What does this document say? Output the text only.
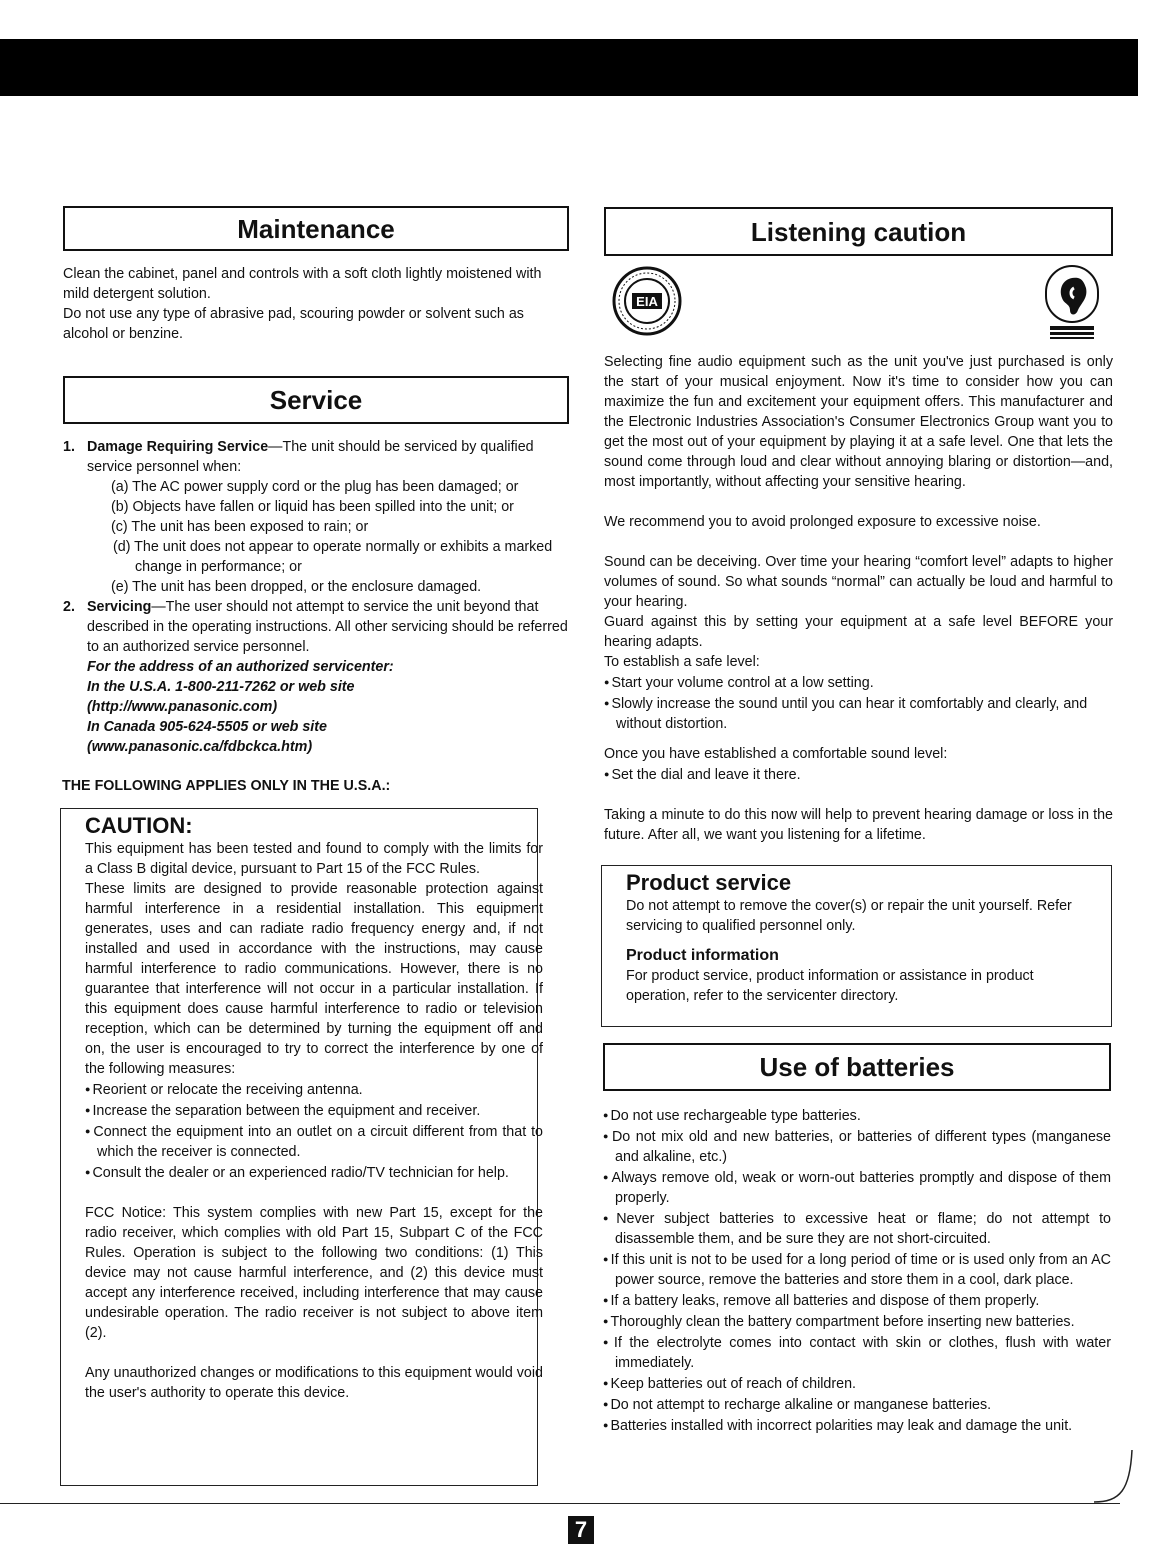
Maintenance

Clean the cabinet, panel and controls with a soft cloth lightly moistened with mild detergent solution.

Do not use any type of abrasive pad, scouring powder or solvent such as alcohol or benzine.

Service
1. Damage Requiring Service—The unit should be serviced by qualified service personnel when:

(a) The AC power supply cord or the plug has been damaged; or

(b) Objects have fallen or liquid has been spilled into the unit; or

(c) The unit has been exposed to rain; or

(d) The unit does not appear to operate normally or exhibits a marked change in performance; or

(e) The unit has been dropped, or the enclosure damaged.

2. Servicing—The user should not attempt to service the unit beyond that described in the operating instructions. All other servicing should be referred to an authorized service personnel.

For the address of an authorized servicenter:

In the U.S.A. 1-800-211-7262 or web site

(http://www.panasonic.com)

In Canada 905-624-5505 or web site

(www.panasonic.ca/fdbckca.htm)

THE FOLLOWING APPLIES ONLY IN THE U.S.A.:

CAUTION:

This equipment has been tested and found to comply with the limits for a Class B digital device, pursuant to Part 15 of the FCC Rules.

These limits are designed to provide reasonable protection against harmful interference in a residential installation. This equipment generates, uses and can radiate radio frequency energy and, if not installed and used in accordance with the instructions, may cause harmful interference to radio communications. However, there is no guarantee that interference will not occur in a particular installation. If this equipment does cause harmful interference to radio or television reception, which can be determined by turning the equipment off and on, the user is encouraged to try to correct the interference by one of the following measures:

● Reorient or relocate the receiving antenna.

● Increase the separation between the equipment and receiver.

● Connect the equipment into an outlet on a circuit different from that to which the receiver is connected.

● Consult the dealer or an experienced radio/TV technician for help.

FCC Notice: This system complies with new Part 15, except for the radio receiver, which complies with old Part 15, Subpart C of the FCC Rules. Operation is subject to the following two conditions: (1) This device may not cause harmful interference, and (2) this device must accept any interference received, including interference that may cause undesirable operation. The radio receiver is not subject to above item (2).

Any unauthorized changes or modifications to this equipment would void the user's authority to operate this device.

Listening caution
EIA

Selecting fine audio equipment such as the unit you've just purchased is only the start of your musical enjoyment. Now it's time to consider how you can maximize the fun and excitement your equipment offers. This manufacturer and the Electronic Industries Association's Consumer Electronics Group want you to get the most out of your equipment by playing it at a safe level. One that lets the sound come through loud and clear without annoying blaring or distortion—and, most importantly, without affecting your sensitive hearing.

We recommend you to avoid prolonged exposure to excessive noise.

Sound can be deceiving. Over time your hearing “comfort level” adapts to higher volumes of sound. So what sounds “normal” can actually be loud and harmful to your hearing.

Guard against this by setting your equipment at a safe level BEFORE your hearing adapts.

To establish a safe level:

● Start your volume control at a low setting.

● Slowly increase the sound until you can hear it comfortably and clearly, and without distortion.

Once you have established a comfortable sound level:

● Set the dial and leave it there.

Taking a minute to do this now will help to prevent hearing damage or loss in the future. After all, we want you listening for a lifetime.

Product service

Do not attempt to remove the cover(s) or repair the unit yourself. Refer servicing to qualified personnel only.

Product information

For product service, product information or assistance in product operation, refer to the servicenter directory.

Use of batteries

● Do not use rechargeable type batteries.

● Do not mix old and new batteries, or batteries of different types (manganese and alkaline, etc.)

● Always remove old, weak or worn-out batteries promptly and dispose of them properly.

● Never subject batteries to excessive heat or flame; do not attempt to disassemble them, and be sure they are not short-circuited.

● If this unit is not to be used for a long period of time or is used only from an AC power source, remove the batteries and store them in a cool, dark place.

● If a battery leaks, remove all batteries and dispose of them properly.

● Thoroughly clean the battery compartment before inserting new batteries.

● If the electrolyte comes into contact with skin or clothes, flush with water immediately.

● Keep batteries out of reach of children.

● Do not attempt to recharge alkaline or manganese batteries.

● Batteries installed with incorrect polarities may leak and damage the unit.

7
